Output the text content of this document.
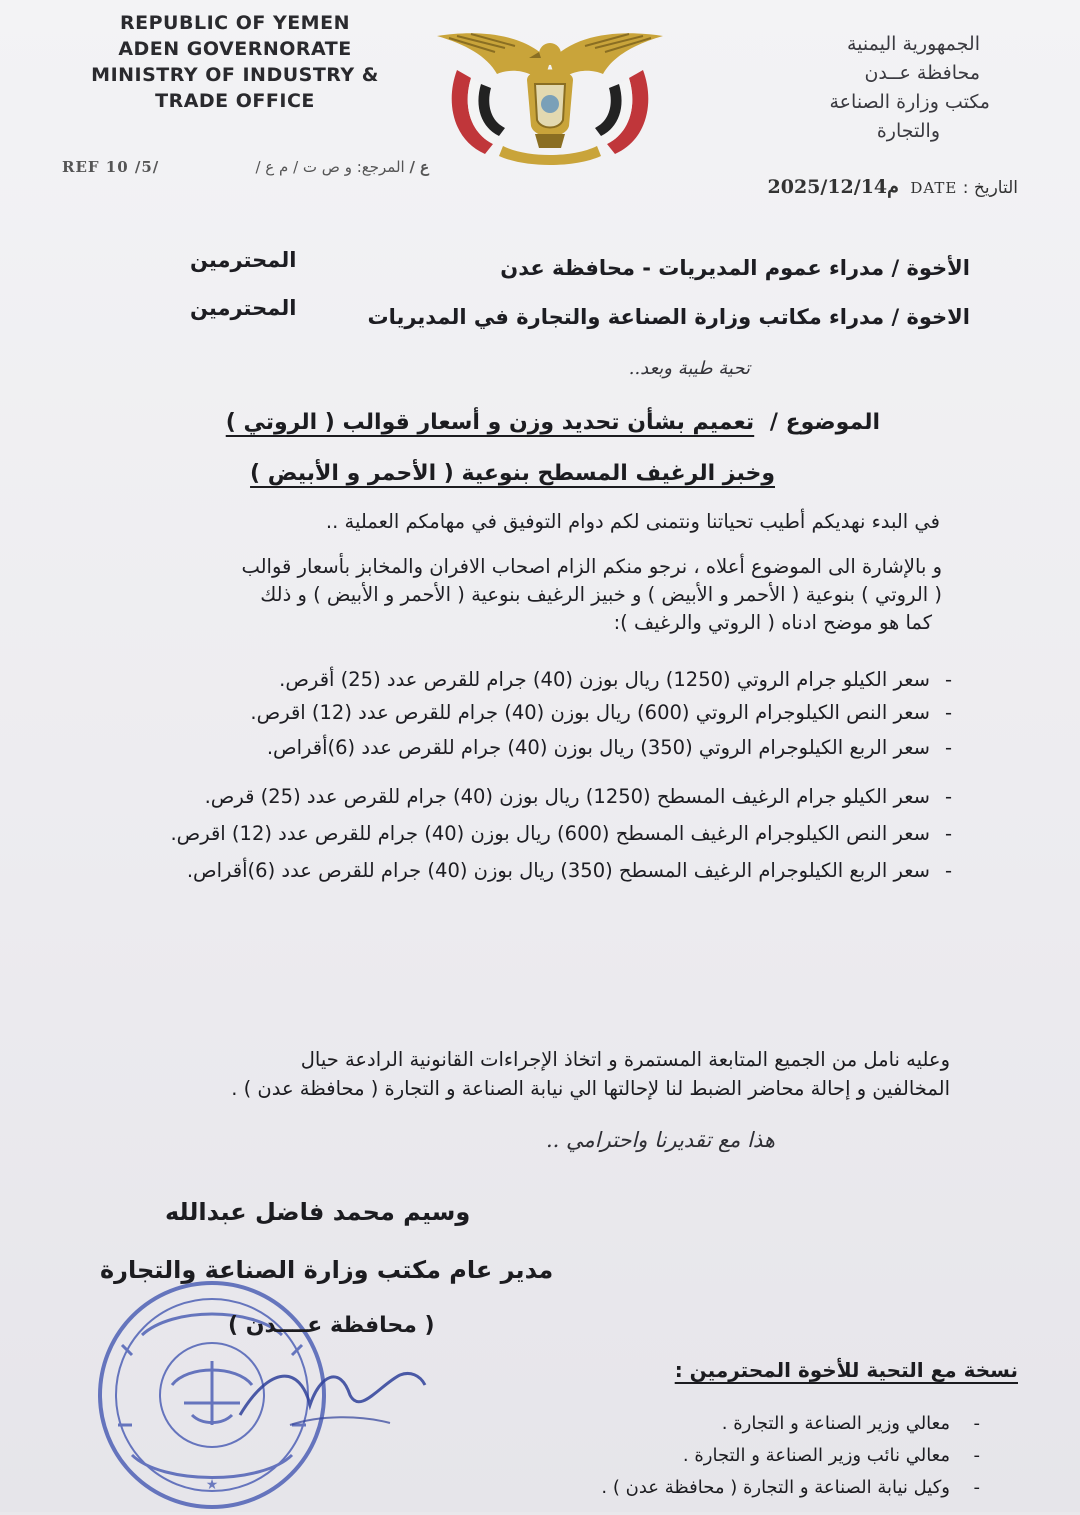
REPUBLIC OF YEMEN
ADEN GOVERNORATE
MINISTRY OF INDUSTRY &
TRADE OFFICE
الجمهورية اليمنية
محافظة عــدن
مكتب وزارة الصناعة
والتجارة
REF 10 /5/ ع / المرجع: و ص ت / م ع /
التاريخ : 2025/12/14م DATE
الأخوة / مدراء عموم المديريات - محافظة عدن
المحترمين
الاخوة / مدراء مكاتب وزارة الصناعة والتجارة في المديريات
المحترمين
تحية طيبة وبعد..
الموضوع / تعميم بشأن تحديد وزن و أسعار قوالب ( الروتي )
وخبز الرغيف المسطح بنوعية ( الأحمر و الأبيض )
في البدء نهديكم أطيب تحياتنا ونتمنى لكم دوام التوفيق في مهامكم العملية ..
و بالإشارة الى الموضوع أعلاه ، نرجو منكم الزام اصحاب الافران والمخابز بأسعار قوالب
( الروتي ) بنوعية ( الأحمر و الأبيض ) و خبيز الرغيف بنوعية ( الأحمر و الأبيض ) و ذلك
كما هو موضح ادناه ( الروتي والرغيف ):
- سعر الكيلو جرام الروتي (1250) ريال بوزن (40) جرام للقرص عدد (25) أقرص.
- سعر النص الكيلوجرام الروتي (600) ريال بوزن (40) جرام للقرص عدد (12) اقرص.
- سعر الربع الكيلوجرام الروتي (350) ريال بوزن (40) جرام للقرص عدد (6)أقراص.
- سعر الكيلو جرام الرغيف المسطح (1250) ريال بوزن (40) جرام للقرص عدد (25) قرص.
- سعر النص الكيلوجرام الرغيف المسطح (600) ريال بوزن (40) جرام للقرص عدد (12) اقرص.
- سعر الربع الكيلوجرام الرغيف المسطح (350) ريال بوزن (40) جرام للقرص عدد (6)أقراص.
وعليه نامل من الجميع المتابعة المستمرة و اتخاذ الإجراءات القانونية الرادعة حيال
المخالفين و إحالة محاضر الضبط لنا لإحالتها الي نيابة الصناعة و التجارة ( محافظة عدن ) .
هذا مع تقديرنا واحترامي ..
★
وسيم محمد فاضل عبدالله
مدير عام مكتب وزارة الصناعة والتجارة
( محافظة عــــدن )
نسخة مع التحية للأخوة المحترمين :
- معالي وزير الصناعة و التجارة .
- معالي نائب وزير الصناعة و التجارة .
- وكيل نيابة الصناعة و التجارة ( محافظة عدن ) .
